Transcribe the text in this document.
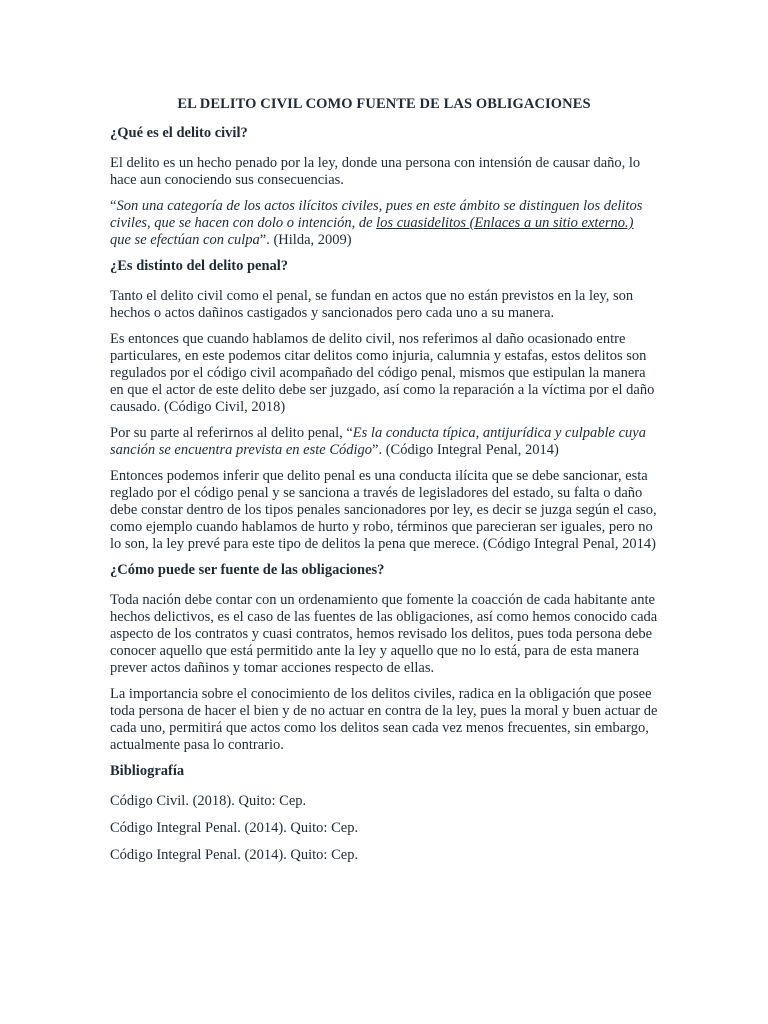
EL DELITO CIVIL COMO FUENTE DE LAS OBLIGACIONES
¿Qué es el delito civil?

El delito es un hecho penado por la ley, donde una persona con intensión de causar daño, lo hace aun conociendo sus consecuencias.

“Son una categoría de los actos ilícitos civiles, pues en este ámbito se distinguen los delitos civiles, que se hacen con dolo o intención, de los cuasidelitos (Enlaces a un sitio externo.) que se efectúan con culpa”. (Hilda, 2009)

¿Es distinto del delito penal?

Tanto el delito civil como el penal, se fundan en actos que no están previstos en la ley, son hechos o actos dañinos castigados y sancionados pero cada uno a su manera.

Es entonces que cuando hablamos de delito civil, nos referimos al daño ocasionado entre particulares, en este podemos citar delitos como injuria, calumnia y estafas, estos delitos son regulados por el código civil acompañado del código penal, mismos que estipulan la manera en que el actor de este delito debe ser juzgado, así como la reparación a la víctima por el daño causado. (Código Civil, 2018)

Por su parte al referirnos al delito penal, “Es la conducta típica, antijurídica y culpable cuya sanción se encuentra prevista en este Código”. (Código Integral Penal, 2014)

Entonces podemos inferir que delito penal es una conducta ilícita que se debe sancionar, esta reglado por el código penal y se sanciona a través de legisladores del estado, su falta o daño debe constar dentro de los tipos penales sancionadores por ley, es decir se juzga según el caso, como ejemplo cuando hablamos de hurto y robo, términos que parecieran ser iguales, pero no lo son, la ley prevé para este tipo de delitos la pena que merece. (Código Integral Penal, 2014)

¿Cómo puede ser fuente de las obligaciones?

Toda nación debe contar con un ordenamiento que fomente la coacción de cada habitante ante hechos delictivos, es el caso de las fuentes de las obligaciones, así como hemos conocido cada aspecto de los contratos y cuasi contratos, hemos revisado los delitos, pues toda persona debe conocer aquello que está permitido ante la ley y aquello que no lo está, para de esta manera prever actos dañinos y tomar acciones respecto de ellas.

La importancia sobre el conocimiento de los delitos civiles, radica en la obligación que posee toda persona de hacer el bien y de no actuar en contra de la ley, pues la moral y buen actuar de cada uno, permitirá que actos como los delitos sean cada vez menos frecuentes, sin embargo, actualmente pasa lo contrario.

Bibliografía
Código Civil. (2018). Quito: Cep.
Código Integral Penal. (2014). Quito: Cep.
Código Integral Penal. (2014). Quito: Cep.
